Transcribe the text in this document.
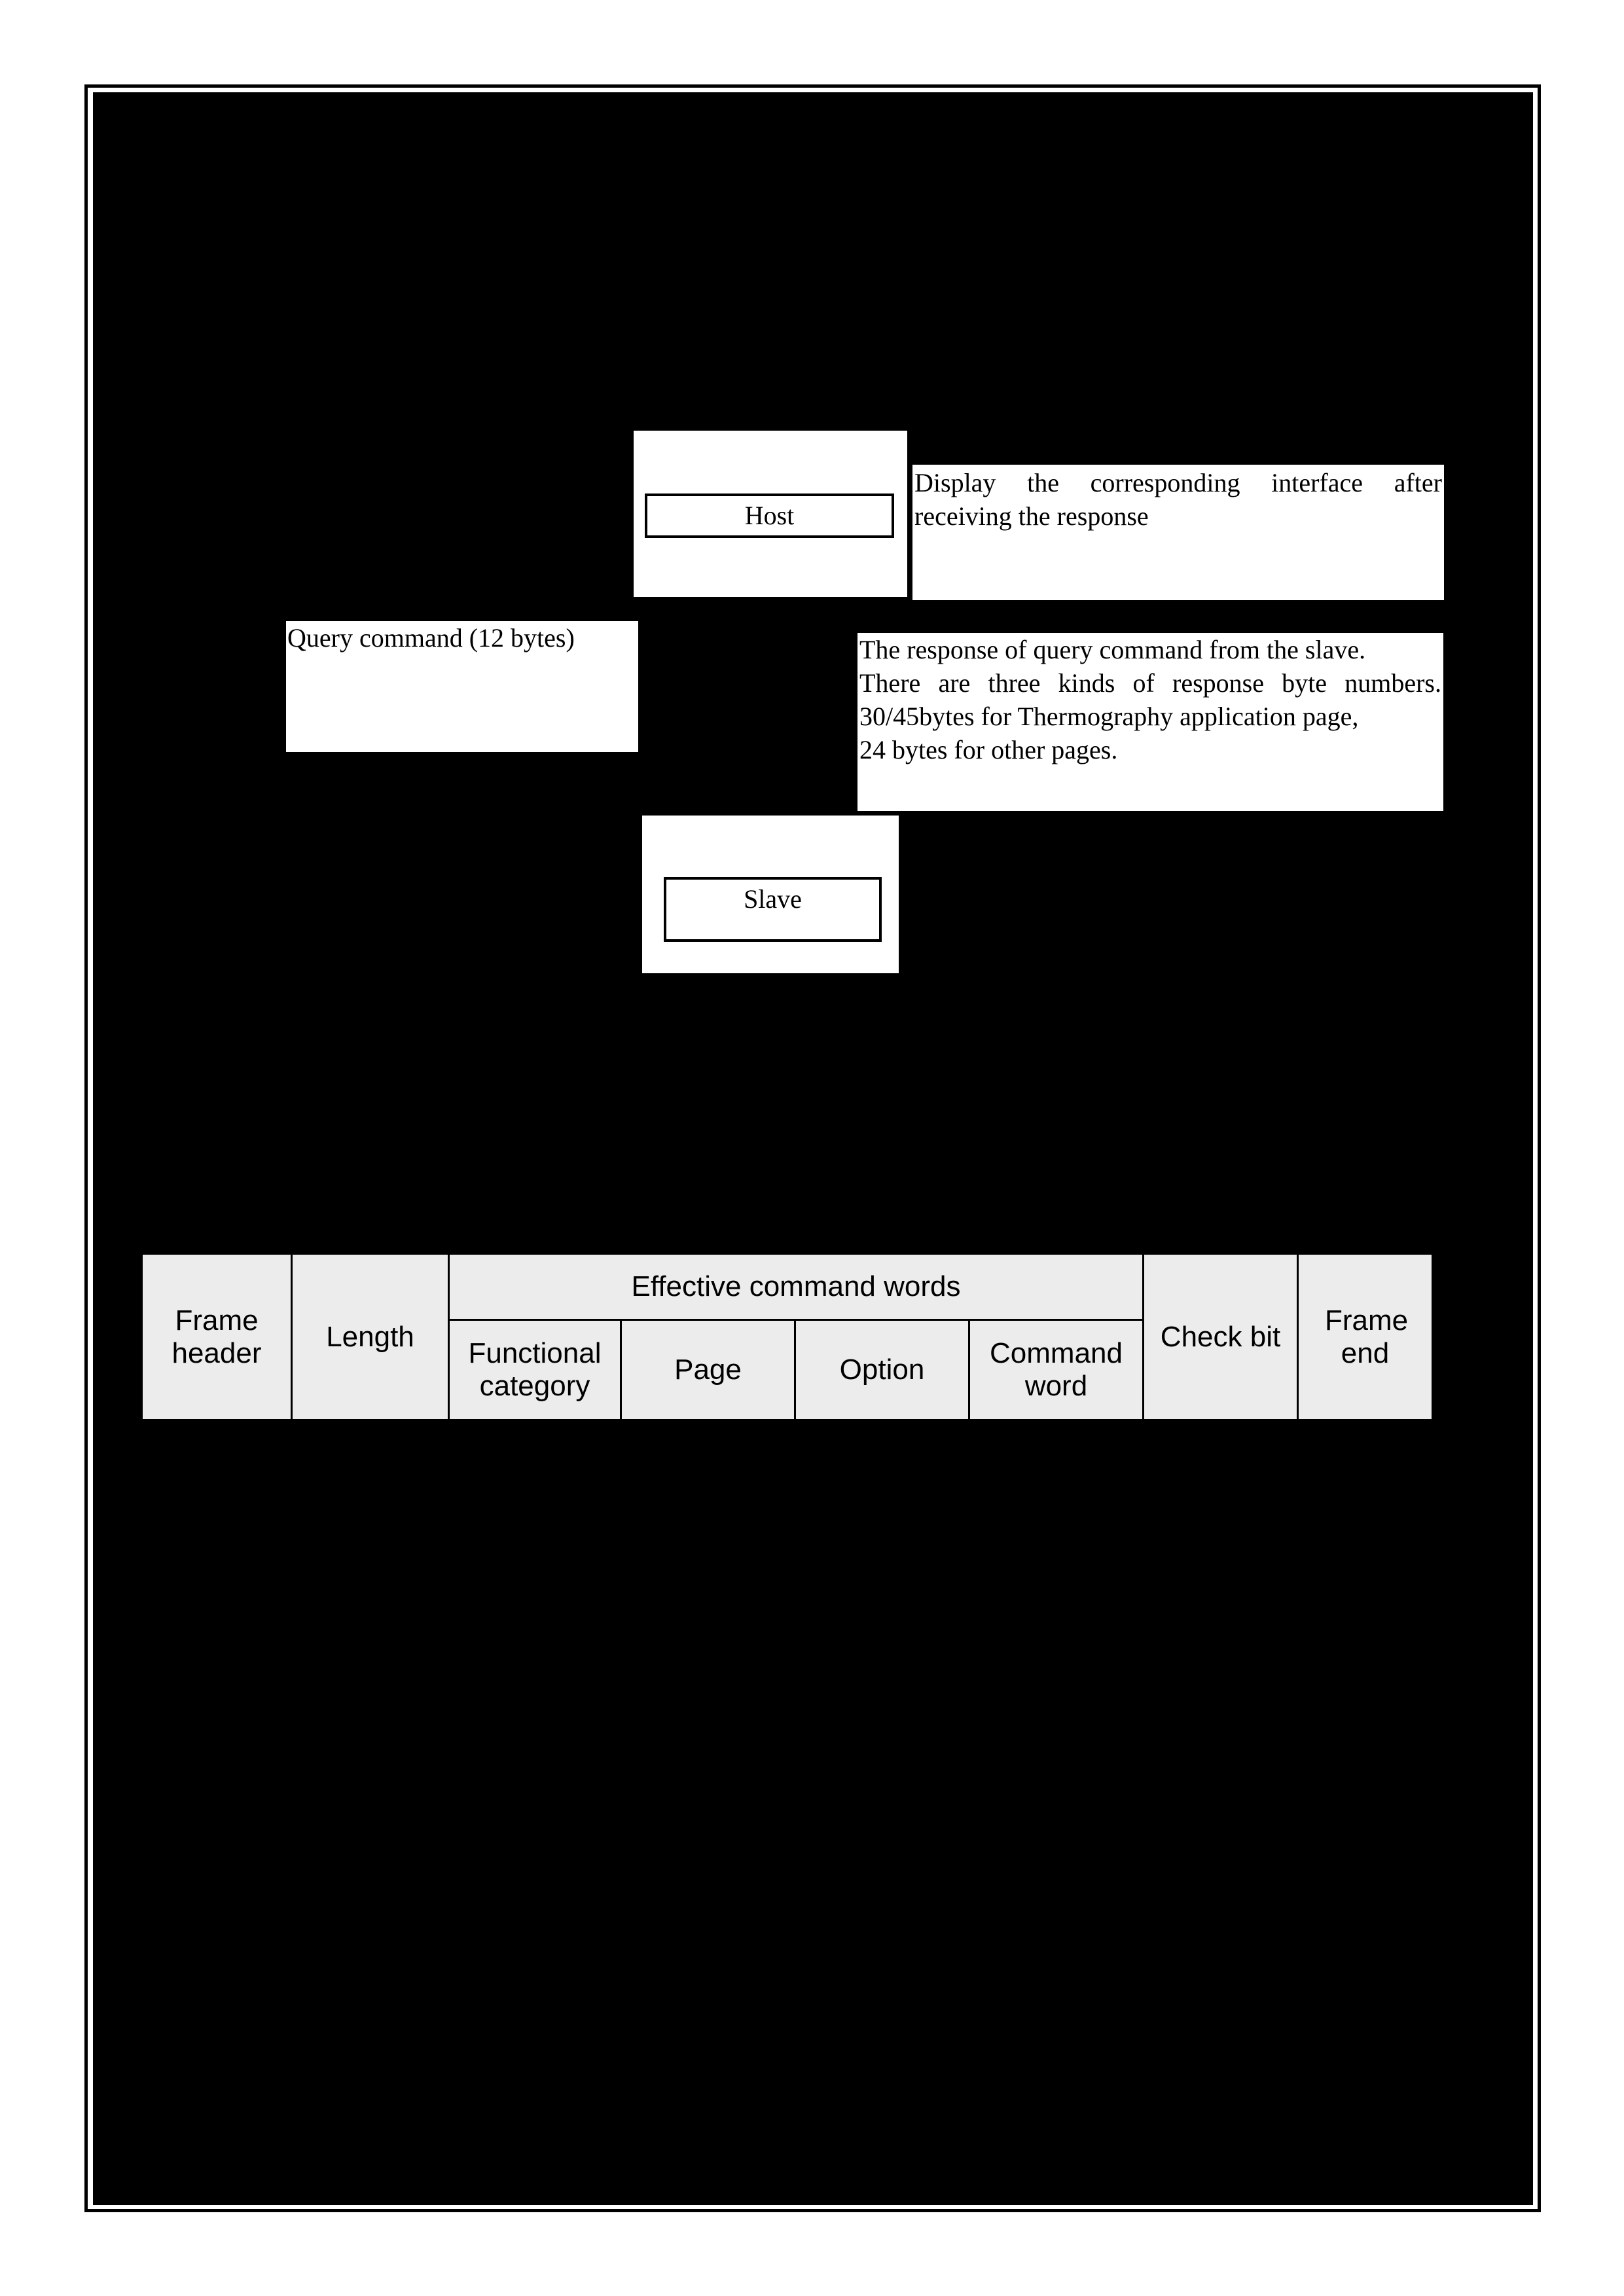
Host
Display the corresponding interface after
receiving the response
Query command (12 bytes)	The response of query command from the slave.
There are three kinds of response byte numbers.
30/45bytes for Thermography application page,
24 bytes for other pages.
Slave
Frame header	Length	Effective command words				Check bit	Frame end
		Functional category	Page	Option	Command word		
